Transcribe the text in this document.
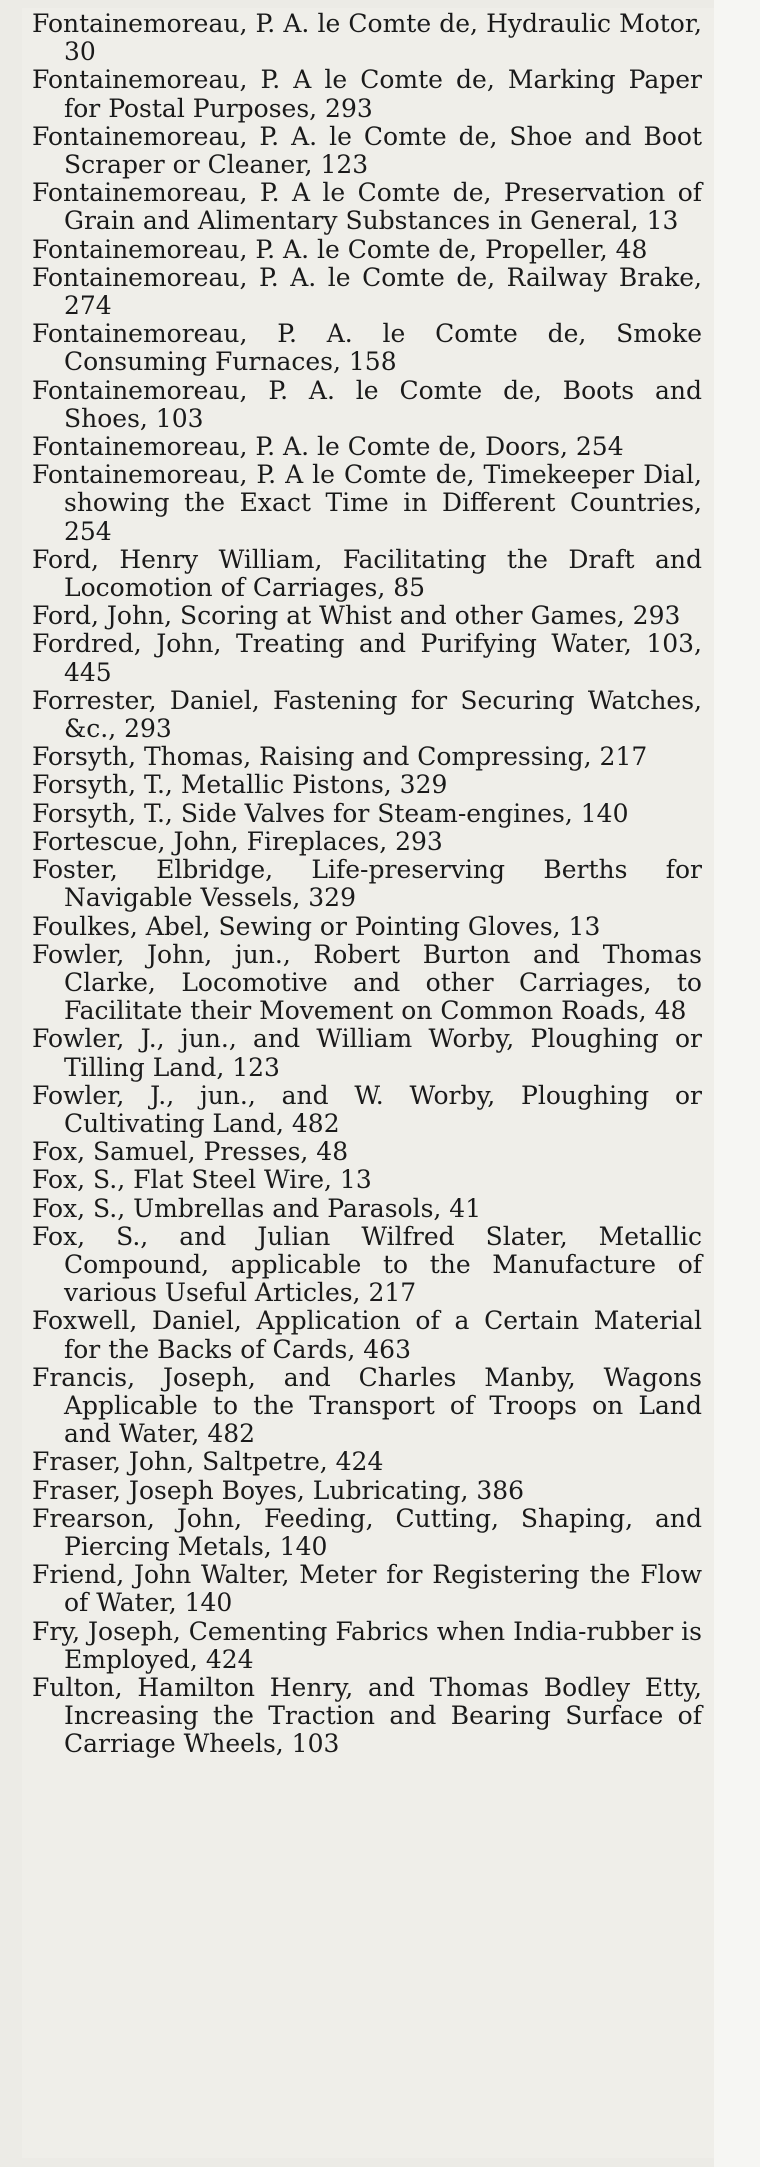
Fontainemoreau, P. A. le Comte de, Hydraulic Motor, 30
Fontainemoreau, P. A le Comte de, Marking Paper for Postal Purposes, 293
Fontainemoreau, P. A. le Comte de, Shoe and Boot Scraper or Cleaner, 123
Fontainemoreau, P. A le Comte de, Preservation of Grain and Alimentary Substances in General, 13
Fontainemoreau, P. A. le Comte de, Propeller, 48
Fontainemoreau, P. A. le Comte de, Railway Brake, 274
Fontainemoreau, P. A. le Comte de, Smoke Consuming Furnaces, 158
Fontainemoreau, P. A. le Comte de, Boots and Shoes, 103
Fontainemoreau, P. A. le Comte de, Doors, 254
Fontainemoreau, P. A le Comte de, Timekeeper Dial, showing the Exact Time in Different Countries, 254
Ford, Henry William, Facilitating the Draft and Locomotion of Carriages, 85
Ford, John, Scoring at Whist and other Games, 293
Fordred, John, Treating and Purifying Water, 103, 445
Forrester, Daniel, Fastening for Securing Watches, &c., 293
Forsyth, Thomas, Raising and Compressing, 217
Forsyth, T., Metallic Pistons, 329
Forsyth, T., Side Valves for Steam-engines, 140
Fortescue, John, Fireplaces, 293
Foster, Elbridge, Life-preserving Berths for Navigable Vessels, 329
Foulkes, Abel, Sewing or Pointing Gloves, 13
Fowler, John, jun., Robert Burton and Thomas Clarke, Locomotive and other Carriages, to Facilitate their Movement on Common Roads, 48
Fowler, J., jun., and William Worby, Ploughing or Tilling Land, 123
Fowler, J., jun., and W. Worby, Ploughing or Cultivating Land, 482
Fox, Samuel, Presses, 48
Fox, S., Flat Steel Wire, 13
Fox, S., Umbrellas and Parasols, 41
Fox, S., and Julian Wilfred Slater, Metallic Compound, applicable to the Manufacture of various Useful Articles, 217
Foxwell, Daniel, Application of a Certain Material for the Backs of Cards, 463
Francis, Joseph, and Charles Manby, Wagons Applicable to the Transport of Troops on Land and Water, 482
Fraser, John, Saltpetre, 424
Fraser, Joseph Boyes, Lubricating, 386
Frearson, John, Feeding, Cutting, Shaping, and Piercing Metals, 140
Friend, John Walter, Meter for Registering the Flow of Water, 140
Fry, Joseph, Cementing Fabrics when India-rubber is Employed, 424
Fulton, Hamilton Henry, and Thomas Bodley Etty, Increasing the Traction and Bearing Surface of Carriage Wheels, 103
